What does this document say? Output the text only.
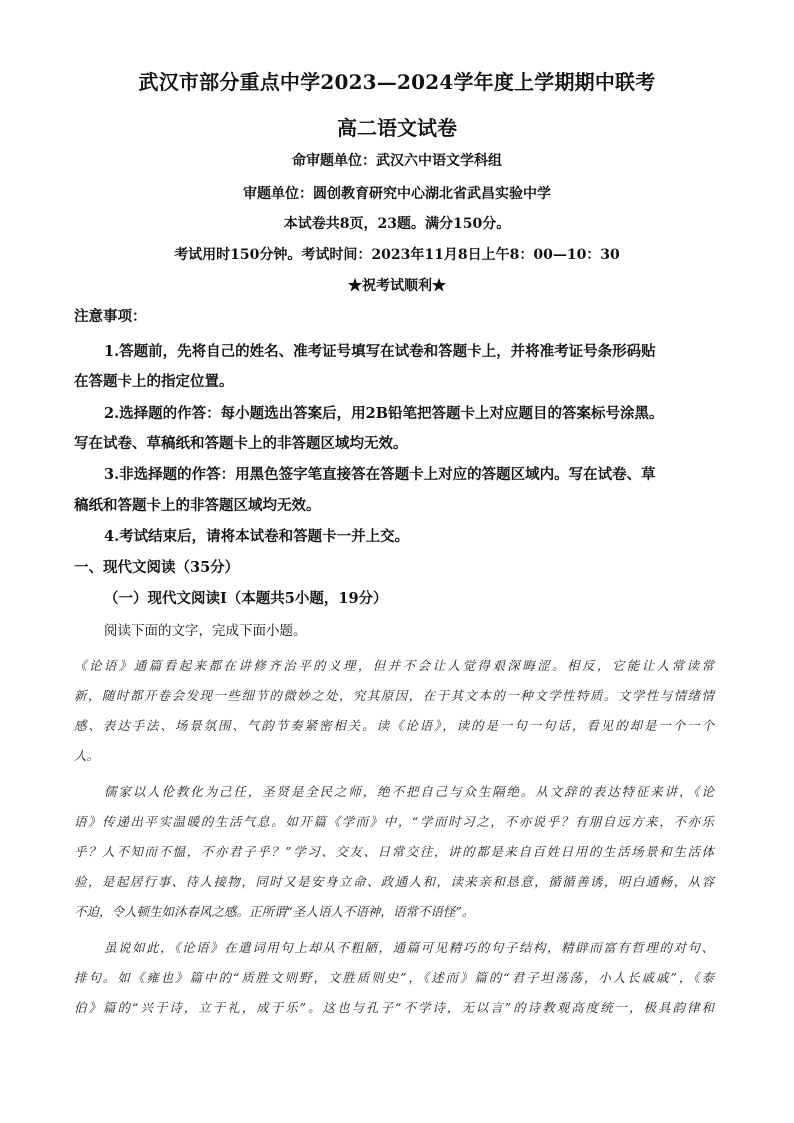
武汉市部分重点中学2023—2024学年度上学期期中联考
高二语文试卷
命审题单位：武汉六中语文学科组
审题单位：圆创教育研究中心湖北省武昌实验中学
本试卷共8页，23题。满分150分。
考试用时150分钟。考试时间：2023年11月8日上午8：00—10：30
★祝考试顺利★
注意事项：
1.答题前，先将自己的姓名、准考证号填写在试卷和答题卡上，并将准考证号条形码贴
在答题卡上的指定位置。
2.选择题的作答：每小题选出答案后，用2B铅笔把答题卡上对应题目的答案标号涂黑。
写在试卷、草稿纸和答题卡上的非答题区域均无效。
3.非选择题的作答：用黑色签字笔直接答在答题卡上对应的答题区域内。写在试卷、草
稿纸和答题卡上的非答题区域均无效。
4.考试结束后，请将本试卷和答题卡一并上交。
一、现代文阅读（35分）
（一）现代文阅读Ⅰ（本题共5小题，19分）
阅读下面的文字，完成下面小题。
《论语》通篇看起来都在讲修齐治平的义理，但并不会让人觉得艰深晦涩。相反，它能让人常读常
新，随时都开卷会发现一些细节的微妙之处，究其原因，在于其文本的一种文学性特质。文学性与情绪情
感、表达手法、场景氛围、气韵节奏紧密相关。读《论语》，读的是一句一句话，看见的却是一个一个
人。
儒家以人伦教化为己任，圣贤是全民之师，绝不把自己与众生隔绝。从文辞的表达特征来讲，《论
语》传递出平实温暖的生活气息。如开篇《学而》中，“学而时习之，不亦说乎？有朋自远方来，不亦乐
乎？人不知而不愠，不亦君子乎？”学习、交友、日常交往，讲的都是来自百姓日用的生活场景和生活体
验，是起居行事、待人接物，同时又是安身立命、政通人和，读来亲和恳意，循循善诱，明白通畅，从容
不迫，令人顿生如沐春风之感。正所谓“圣人语人不语神，语常不语怪”。
虽说如此，《论语》在遣词用句上却从不粗陋，通篇可见精巧的句子结构，精辟而富有哲理的对句、
排句。如《雍也》篇中的“质胜文则野，文胜质则史”，《述而》篇的“君子坦荡荡，小人长戚戚”，《泰
伯》篇的“兴于诗，立于礼，成于乐”。这也与孔子“不学诗，无以言”的诗教观高度统一，极具韵律和
